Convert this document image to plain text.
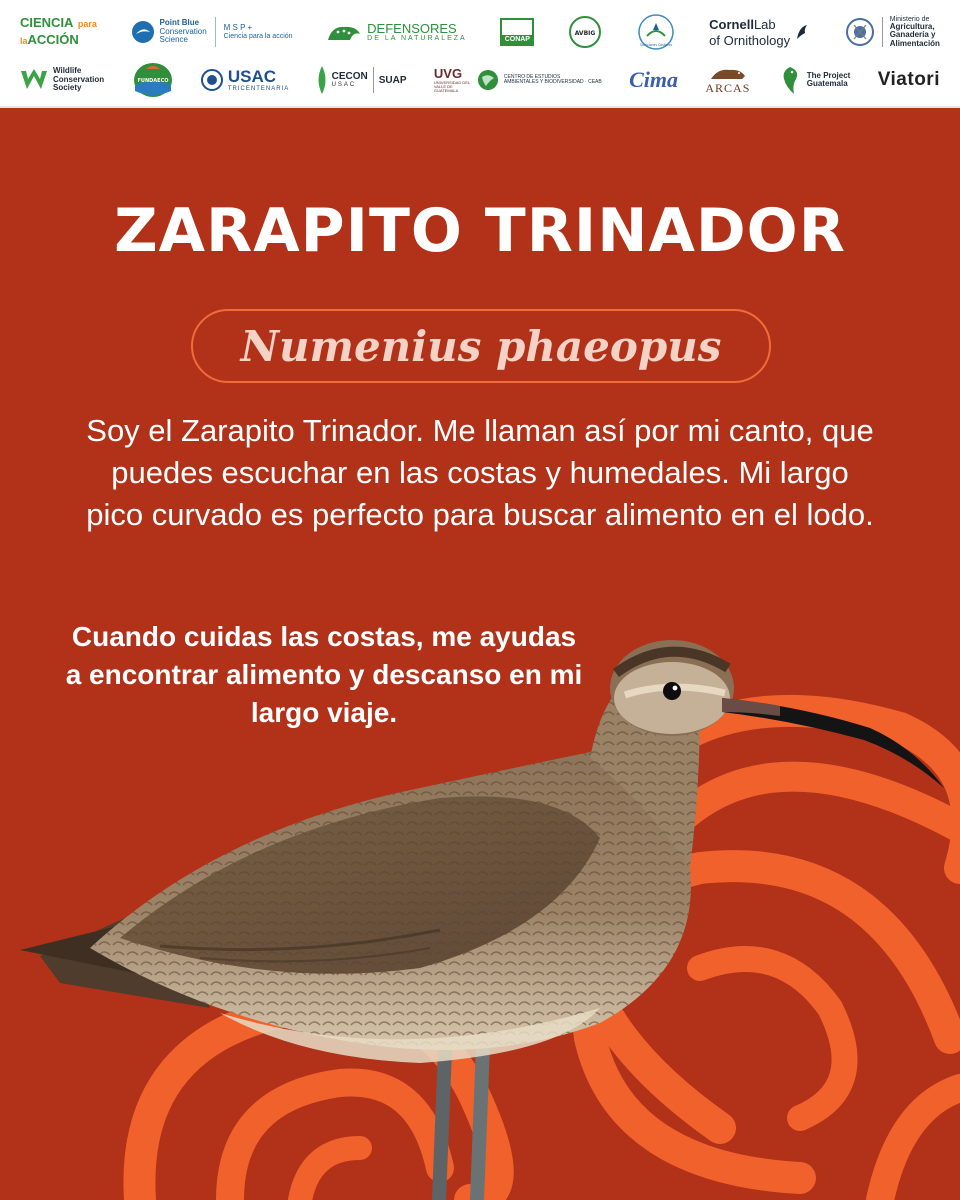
CIENCIA para
laACCIÓN
Point Blue
Conservation
Science
M S P +
Ciencia para la acción
DEFENSORES
DE LA NATURALEZA	CONAP
AVBIG
Soluciones Costeras
CornellLab
of Ornithology
Ministerio de
Agricultura,
Ganadería y
Alimentación
Wildlife
Conservation
Society
FUNDAECO	USAC
TRICENTENARIA
CECON
USAC	SUAP UVG
UNIVERSIDAD DEL VALLE DE GUATEMALA
CENTRO DE ESTUDIOS
AMBIENTALES Y BIODIVERSIDAD · CEAB Cima ARCAS
The Project
Guatemala Viatori
ZARAPITO TRINADOR
Numenius phaeopus

Soy el Zarapito Trinador. Me llaman así por mi canto, que puedes escuchar en las costas y humedales. Mi largo pico curvado es perfecto para buscar alimento en el lodo.

Cuando cuidas las costas, me ayudas a encontrar alimento y descanso en mi largo viaje.
